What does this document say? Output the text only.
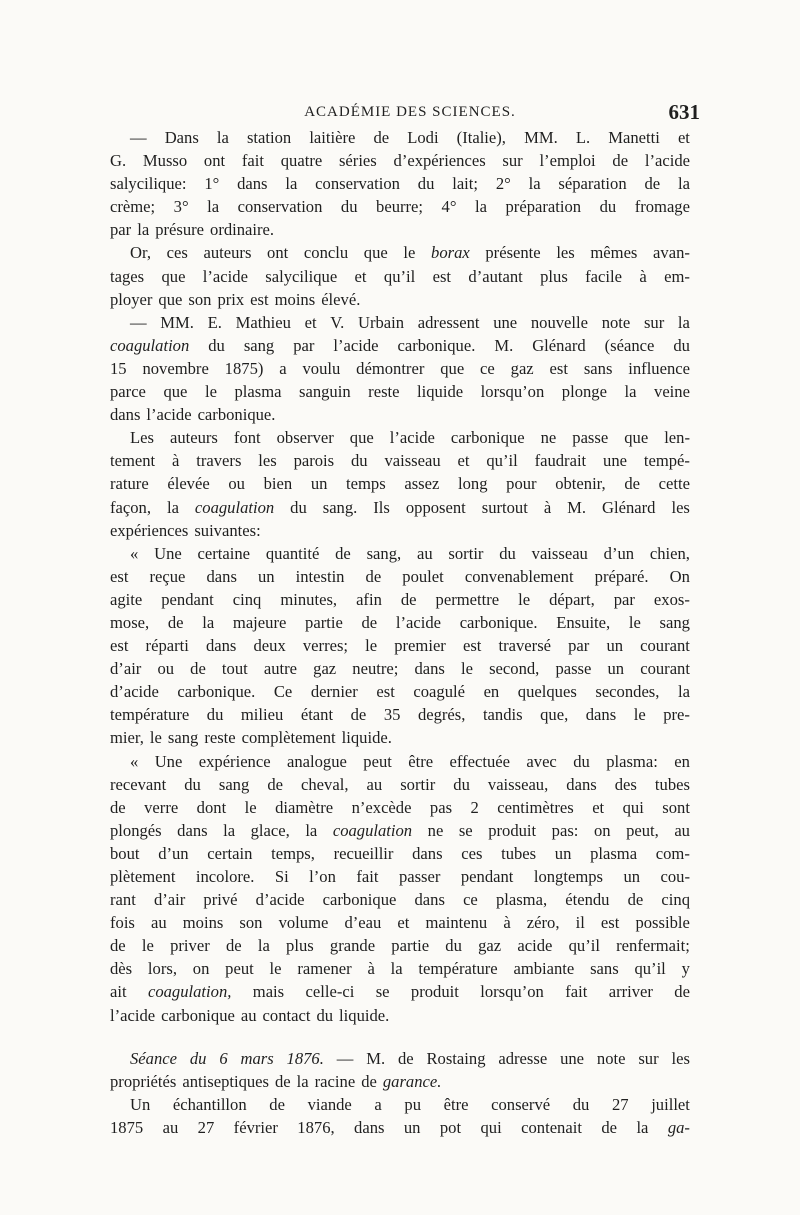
ACADÉMIE DES SCIENCES.	631
— Dans la station laitière de Lodi (Italie), MM. L. Manetti et
G. Musso ont fait quatre séries d’expériences sur l’emploi de l’acide
salycilique: 1° dans la conservation du lait; 2° la séparation de la
crème; 3° la conservation du beurre; 4° la préparation du fromage
par la présure ordinaire.
Or, ces auteurs ont conclu que le borax présente les mêmes avan-
tages que l’acide salycilique et qu’il est d’autant plus facile à em-
ployer que son prix est moins élevé.
— MM. E. Mathieu et V. Urbain adressent une nouvelle note sur la
coagulation du sang par l’acide carbonique. M. Glénard (séance du
15 novembre 1875) a voulu démontrer que ce gaz est sans influence
parce que le plasma sanguin reste liquide lorsqu’on plonge la veine
dans l’acide carbonique.
Les auteurs font observer que l’acide carbonique ne passe que len-
tement à travers les parois du vaisseau et qu’il faudrait une tempé-
rature élevée ou bien un temps assez long pour obtenir, de cette
façon, la coagulation du sang. Ils opposent surtout à M. Glénard les
expériences suivantes:
« Une certaine quantité de sang, au sortir du vaisseau d’un chien,
est reçue dans un intestin de poulet convenablement préparé. On
agite pendant cinq minutes, afin de permettre le départ, par exos-
mose, de la majeure partie de l’acide carbonique. Ensuite, le sang
est réparti dans deux verres; le premier est traversé par un courant
d’air ou de tout autre gaz neutre; dans le second, passe un courant
d’acide carbonique. Ce dernier est coagulé en quelques secondes, la
température du milieu étant de 35 degrés, tandis que, dans le pre-
mier, le sang reste complètement liquide.
« Une expérience analogue peut être effectuée avec du plasma: en
recevant du sang de cheval, au sortir du vaisseau, dans des tubes
de verre dont le diamètre n’excède pas 2 centimètres et qui sont
plongés dans la glace, la coagulation ne se produit pas: on peut, au
bout d’un certain temps, recueillir dans ces tubes un plasma com-
plètement incolore. Si l’on fait passer pendant longtemps un cou-
rant d’air privé d’acide carbonique dans ce plasma, étendu de cinq
fois au moins son volume d’eau et maintenu à zéro, il est possible
de le priver de la plus grande partie du gaz acide qu’il renfermait;
dès lors, on peut le ramener à la température ambiante sans qu’il y
ait coagulation, mais celle-ci se produit lorsqu’on fait arriver de
l’acide carbonique au contact du liquide.
Séance du 6 mars 1876. — M. de Rostaing adresse une note sur les
propriétés antiseptiques de la racine de garance.
Un échantillon de viande a pu être conservé du 27 juillet
1875 au 27 février 1876, dans un pot qui contenait de la ga-
